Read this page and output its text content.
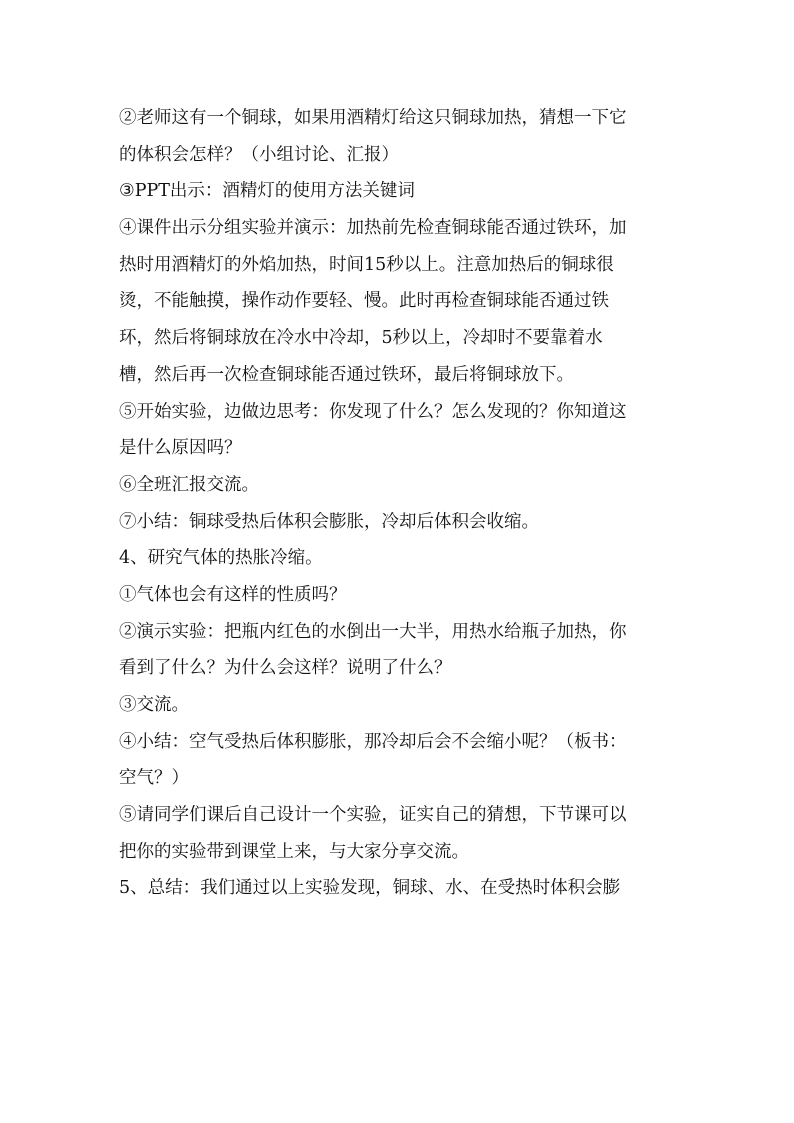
②老师这有一个铜球，如果用酒精灯给这只铜球加热，猜想一下它
的体积会怎样？（小组讨论、汇报）
③PPT出示：酒精灯的使用方法关键词
④课件出示分组实验并演示：加热前先检查铜球能否通过铁环，加
热时用酒精灯的外焰加热，时间15秒以上。注意加热后的铜球很
烫，不能触摸，操作动作要轻、慢。此时再检查铜球能否通过铁
环，然后将铜球放在冷水中冷却，5秒以上，冷却时不要靠着水
槽，然后再一次检查铜球能否通过铁环，最后将铜球放下。
⑤开始实验，边做边思考：你发现了什么？怎么发现的？你知道这
是什么原因吗？
⑥全班汇报交流。
⑦小结：铜球受热后体积会膨胀，冷却后体积会收缩。
4、研究气体的热胀冷缩。
①气体也会有这样的性质吗？
②演示实验：把瓶内红色的水倒出一大半，用热水给瓶子加热，你
看到了什么？为什么会这样？说明了什么？
③交流。
④小结：空气受热后体积膨胀，那冷却后会不会缩小呢？（板书：
空气？）
⑤请同学们课后自己设计一个实验，证实自己的猜想，下节课可以
把你的实验带到课堂上来，与大家分享交流。
5、总结：我们通过以上实验发现，铜球、水、在受热时体积会膨
